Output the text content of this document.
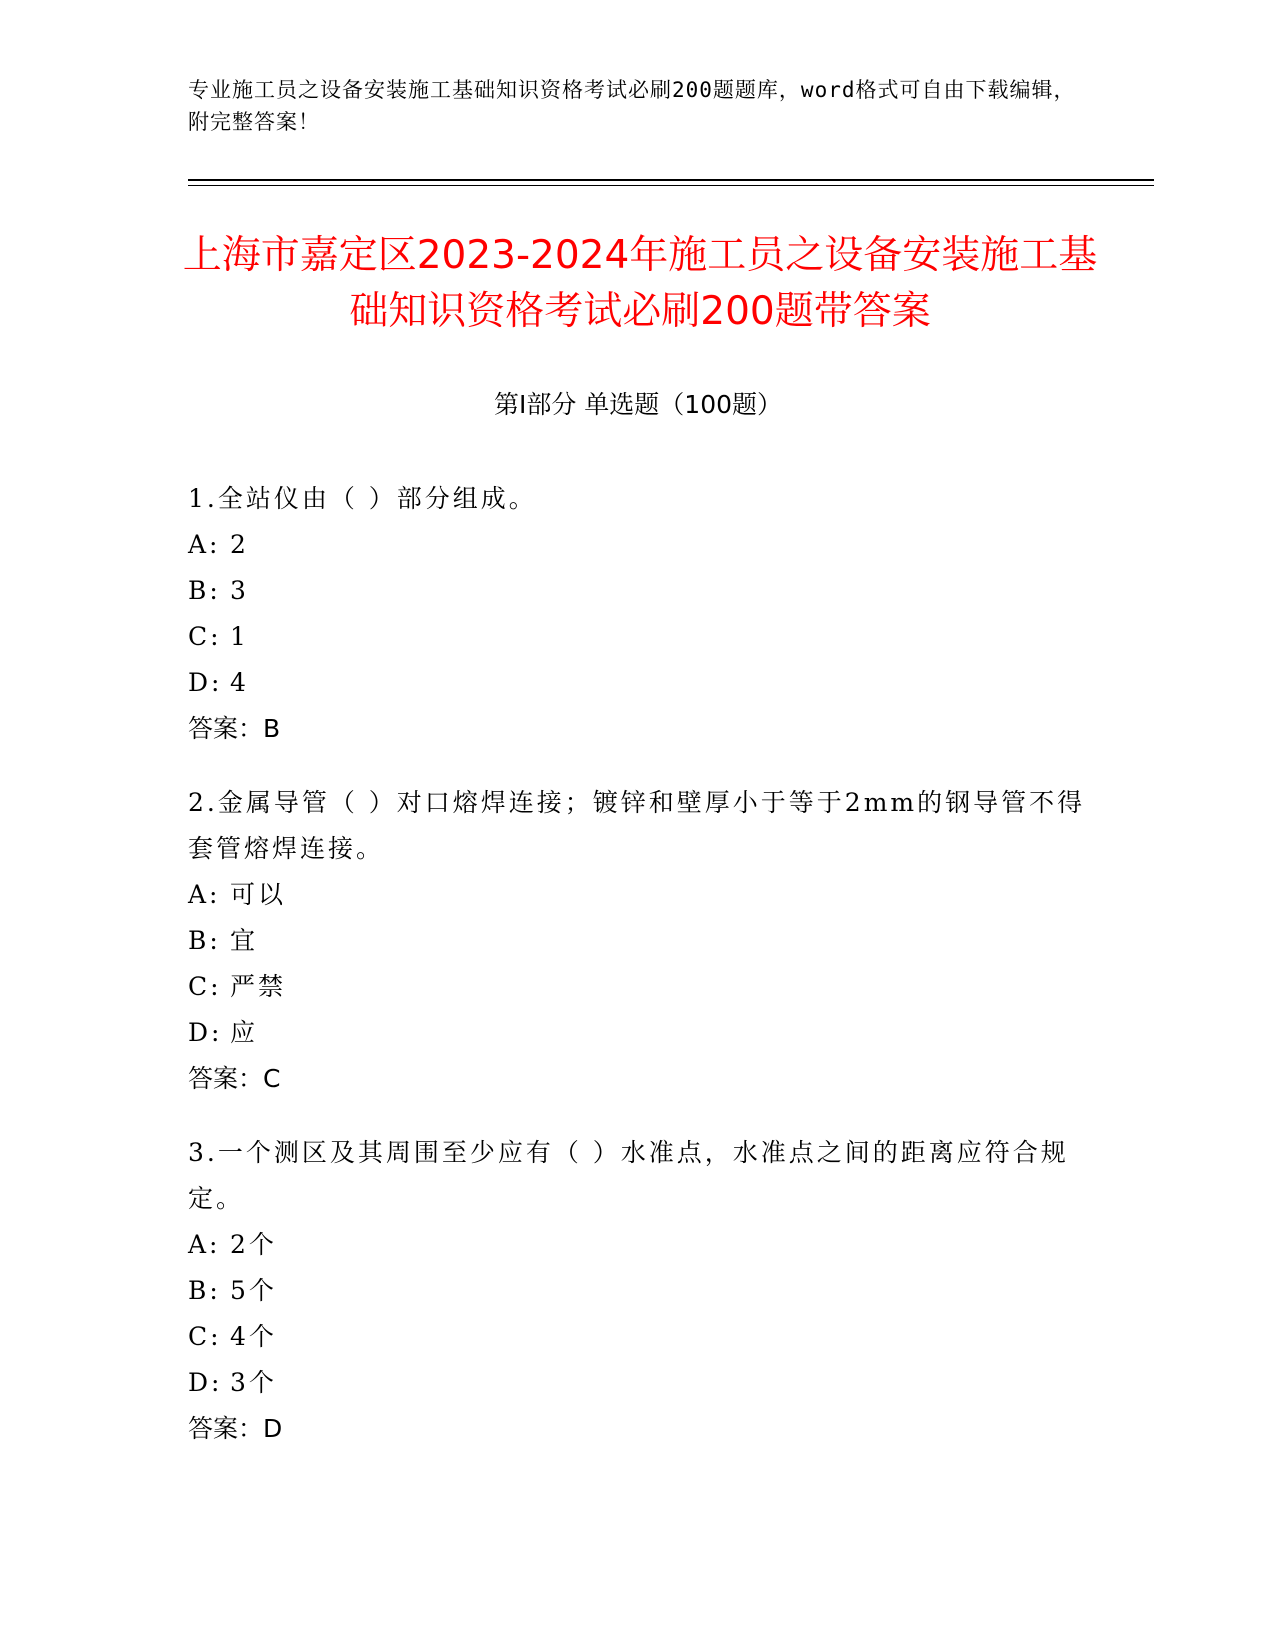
专业施工员之设备安装施工基础知识资格考试必刷200题题库，word格式可自由下载编辑，附完整答案！
上海市嘉定区2023-2024年施工员之设备安装施工基础知识资格考试必刷200题带答案
第I部分 单选题（100题）
1.全站仪由（ ）部分组成。
A: 2
B: 3
C: 1
D: 4
答案：B
2.金属导管（ ）对口熔焊连接；镀锌和壁厚小于等于2mm的钢导管不得套管熔焊连接。
A: 可以
B: 宜
C: 严禁
D: 应
答案：C
3.一个测区及其周围至少应有（ ）水准点，水准点之间的距离应符合规定。
A: 2个
B: 5个
C: 4个
D: 3个
答案：D
